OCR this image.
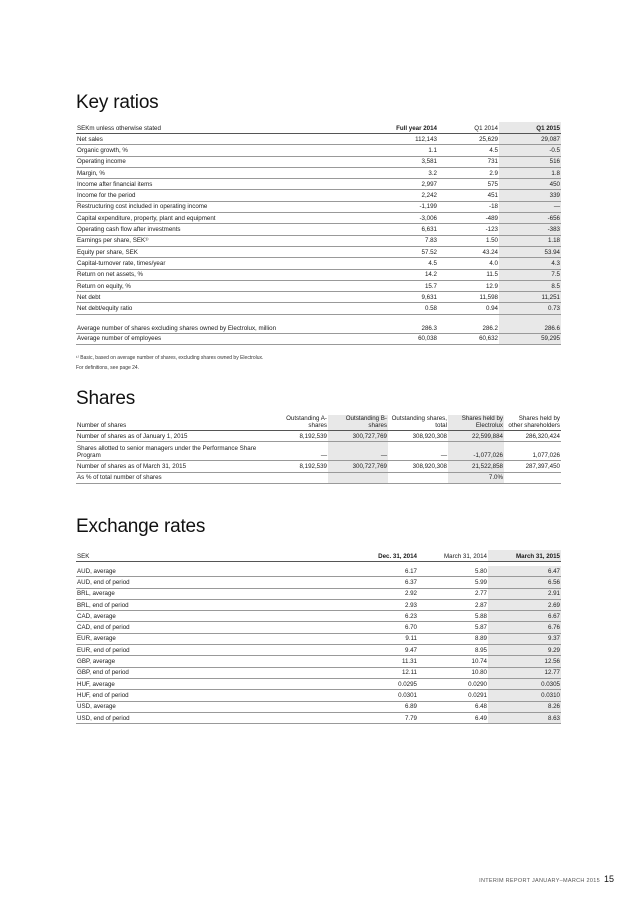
Key ratios
SEKm unless otherwise stated	Full year 2014	Q1 2014	Q1 2015
Net sales	112,143	25,629	29,087
Organic growth, %	1.1	4.5	-0.5
Operating income	3,581	731	516
Margin, %	3.2	2.9	1.8
Income after financial items	2,997	575	450
Income for the period	2,242	451	339
Restructuring cost included in operating income	-1,199	-18	—
Capital expenditure, property, plant and equipment	-3,006	-489	-656
Operating cash flow after investments	6,631	-123	-383
Earnings per share, SEK¹⁾	7.83	1.50	1.18
Equity per share, SEK	57.52	43.24	53.94
Capital-turnover rate, times/year	4.5	4.0	4.3
Return on net assets, %	14.2	11.5	7.5
Return on equity, %	15.7	12.9	8.5
Net debt	9,631	11,598	11,251
Net debt/equity ratio	0.58	0.94	0.73
Average number of shares excluding shares owned by Electrolux, million	286.3	286.2	286.6
Average number of employees	60,038	60,632	59,295
¹⁾ Basic, based on average number of shares, excluding shares owned by Electrolux.
For definitions, see page 24.
Shares
Number of shares	Outstanding A-shares	Outstanding B-shares	Outstanding shares, total	Shares held by Electrolux	Shares held by other shareholders
Number of shares as of January 1, 2015	8,192,539	300,727,769	308,920,308	22,599,884	286,320,424
Shares allotted to senior managers under the Performance Share Program	—	—	—	-1,077,026	1,077,026
Number of shares as of March 31, 2015	8,192,539	300,727,769	308,920,308	21,522,858	287,397,450
As % of total number of shares				7.0%	
Exchange rates
SEK	Dec. 31, 2014	March 31, 2014	March 31, 2015

AUD, average	6.17	5.80	6.47
AUD, end of period	6.37	5.99	6.56
BRL, average	2.92	2.77	2.91
BRL, end of period	2.93	2.87	2.69
CAD, average	6.23	5.88	6.67
CAD, end of period	6.70	5.87	6.76
EUR, average	9.11	8.89	9.37
EUR, end of period	9.47	8.95	9.29
GBP, average	11.31	10.74	12.56
GBP, end of period	12.11	10.80	12.77
HUF, average	0.0295	0.0290	0.0305
HUF, end of period	0.0301	0.0291	0.0310
USD, average	6.89	6.48	8.26
USD, end of period	7.79	6.49	8.63
INTERIM REPORT JANUARY–MARCH 2015 15
